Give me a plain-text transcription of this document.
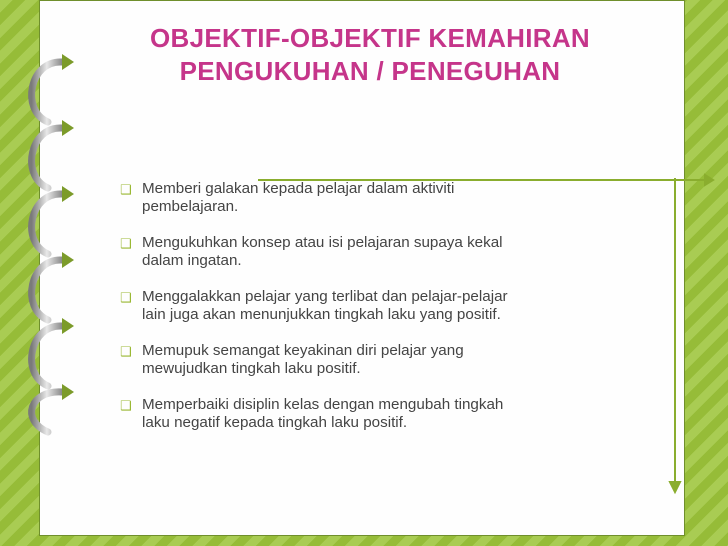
OBJEKTIF-OBJEKTIF KEMAHIRAN
PENGUKUHAN / PENEGUHAN
❑ Memberi galakan kepada pelajar dalam aktiviti
pembelajaran.
❑ Mengukuhkan konsep atau isi pelajaran supaya kekal
dalam ingatan.
❑ Menggalakkan pelajar yang terlibat dan pelajar-pelajar
lain juga akan menunjukkan tingkah laku yang positif.
❑ Memupuk semangat keyakinan diri pelajar yang
mewujudkan tingkah laku positif.
❑ Memperbaiki disiplin kelas dengan mengubah tingkah
laku negatif kepada tingkah laku positif.
